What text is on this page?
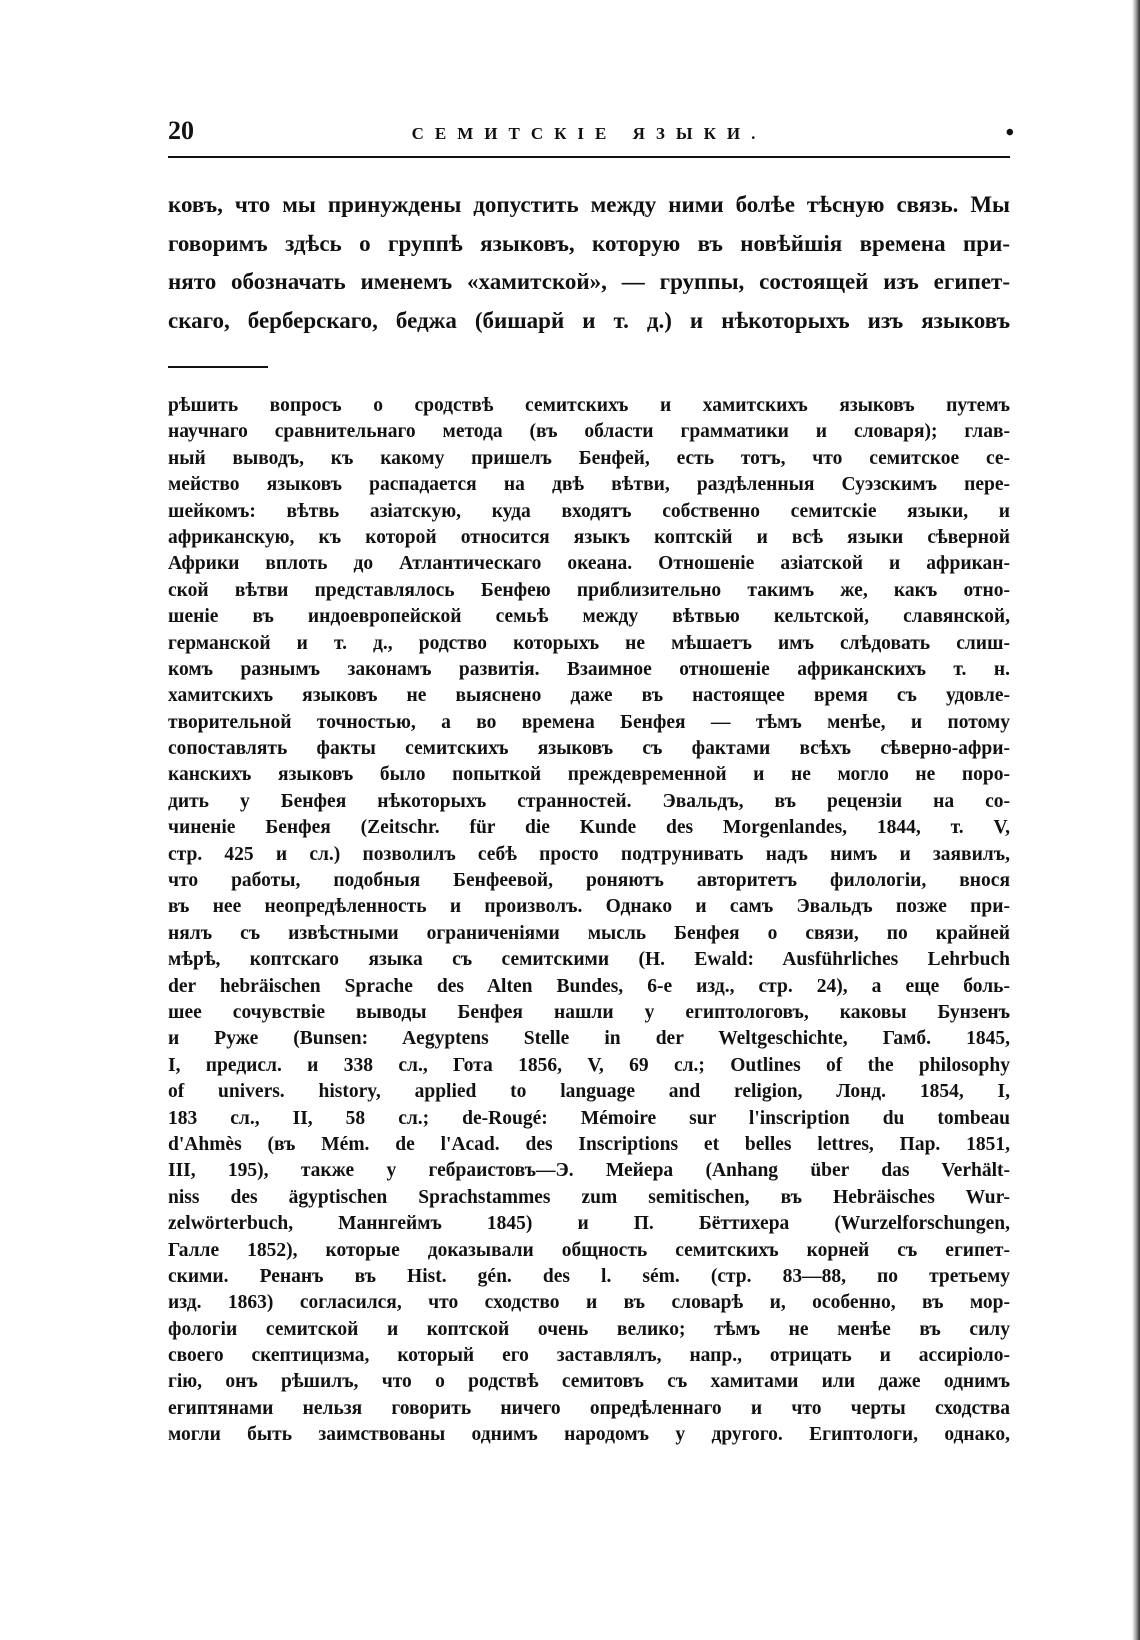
20	СЕМИТСКІЕ ЯЗЫКИ.	•
ковъ, что мы принуждены допустить между ними болѣе тѣсную связь. Мы
говоримъ здѣсь о группѣ языковъ, которую въ новѣйшія времена при-
нято обозначать именемъ «хамитской», — группы, состоящей изъ египет-
скаго, берберскаго, беджа (бишарй и т. д.) и нѣкоторыхъ изъ языковъ
рѣшить вопросъ о сродствѣ семитскихъ и хамитскихъ языковъ путемъ
научнаго сравнительнаго метода (въ области грамматики и словаря); глав-
ный выводъ, къ какому пришелъ Бенфей, есть тотъ, что семитское се-
мейство языковъ распадается на двѣ вѣтви, раздѣленныя Суэзскимъ пере-
шейкомъ: вѣтвь азіатскую, куда входятъ собственно семитскіе языки, и
африканскую, къ которой относится языкъ коптскій и всѣ языки сѣверной
Африки вплоть до Атлантическаго океана. Отношеніе азіатской и африкан-
ской вѣтви представлялось Бенфею приблизительно такимъ же, какъ отно-
шеніе въ индоевропейской семьѣ между вѣтвью кельтской, славянской,
германской и т. д., родство которыхъ не мѣшаетъ имъ слѣдовать слиш-
комъ разнымъ законамъ развитія. Взаимное отношеніе африканскихъ т. н.
хамитскихъ языковъ не выяснено даже въ настоящее время съ удовле-
творительной точностью, а во времена Бенфея — тѣмъ менѣе, и потому
сопоставлять факты семитскихъ языковъ съ фактами всѣхъ сѣверно-афри-
канскихъ языковъ было попыткой преждевременной и не могло не поро-
дить у Бенфея нѣкоторыхъ странностей. Эвальдъ, въ рецензіи на со-
чиненіе Бенфея (Zeitschr. für die Kunde des Morgenlandes, 1844, т. V,
стр. 425 и сл.) позволилъ себѣ просто подтрунивать надъ нимъ и заявилъ,
что работы, подобныя Бенфеевой, роняютъ авторитетъ филологіи, внося
въ нее неопредѣленность и произволъ. Однако и самъ Эвальдъ позже при-
нялъ съ извѣстными ограниченіями мысль Бенфея о связи, по крайней
мѣрѣ, коптскаго языка съ семитскими (H. Ewald: Ausführliches Lehrbuch
der hebräischen Sprache des Alten Bundes, 6-е изд., стр. 24), а еще боль-
шее сочувствіе выводы Бенфея нашли у египтологовъ, каковы Бунзенъ
и Руже (Bunsen: Aegyptens Stelle in der Weltgeschichte, Гамб. 1845,
I, предисл. и 338 сл., Гота 1856, V, 69 сл.; Outlines of the philosophy
of univers. history, applied to language and religion, Лонд. 1854, I,
183 сл., II, 58 сл.; de-Rougé: Mémoire sur l'inscription du tombeau
d'Ahmès (въ Mém. de l'Acad. des Inscriptions et belles lettres, Пар. 1851,
III, 195), также у гебраистовъ—Э. Мейера (Anhang über das Verhält-
niss des ägyptischen Sprachstammes zum semitischen, въ Hebräisches Wur-
zelwörterbuch, Маннгеймъ 1845) и П. Бёттихера (Wurzelforschungen,
Галле 1852), которые доказывали общность семитскихъ корней съ египет-
скими. Ренанъ въ Hist. gén. des l. sém. (стр. 83—88, по третьему
изд. 1863) согласился, что сходство и въ словарѣ и, особенно, въ мор-
фологіи семитской и коптской очень велико; тѣмъ не менѣе въ силу
своего скептицизма, который его заставлялъ, напр., отрицать и ассиріоло-
гію, онъ рѣшилъ, что о родствѣ семитовъ съ хамитами или даже однимъ
египтянами нельзя говорить ничего опредѣленнаго и что черты сходства
могли быть заимствованы однимъ народомъ у другого. Египтологи, однако,
